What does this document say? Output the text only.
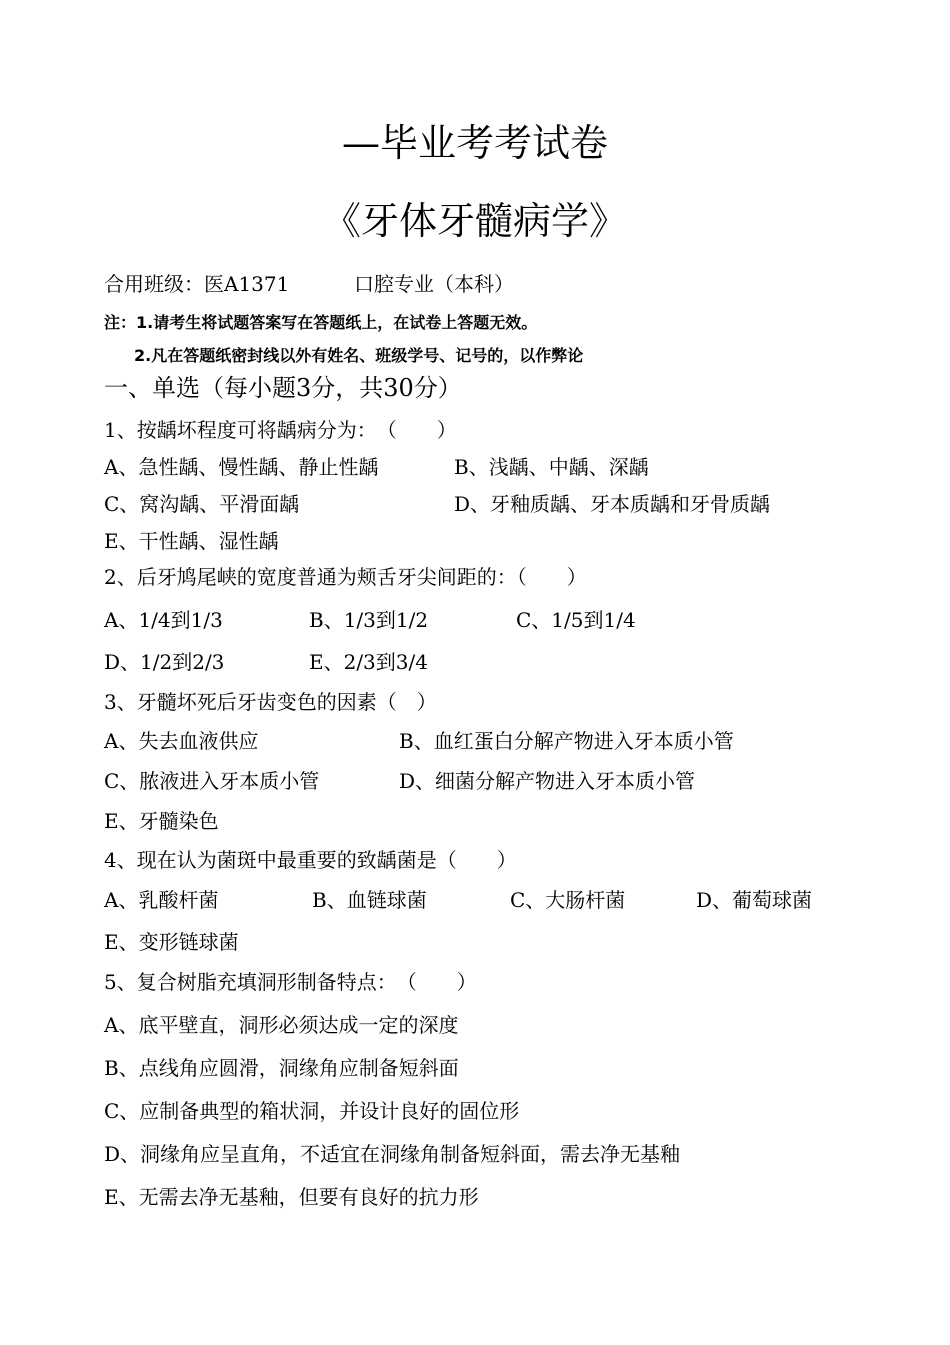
—毕业考考试卷
《牙体牙髓病学》
合用班级：医A1371	口腔专业（本科）
注：1.请考生将试题答案写在答题纸上，在试卷上答题无效。
2.凡在答题纸密封线以外有姓名、班级学号、记号的，以作弊论
一、单选（每小题3分，共30分）
1、按龋坏程度可将龋病分为：　（　　）
A、急性龋、慢性龋、静止性龋	B、浅龋、中龋、深龋
C、窝沟龋、平滑面龋	D、牙釉质龋、牙本质龋和牙骨质龋
E、干性龋、湿性龋
2、后牙鸠尾峡的宽度普通为颊舌牙尖间距的：（　　）
A、1/4到1/3	B、1/3到1/2	C、1/5到1/4
D、1/2到2/3	E、2/3到3/4
3、牙髓坏死后牙齿变色的因素（　）
A、失去血液供应	B、血红蛋白分解产物进入牙本质小管
C、脓液进入牙本质小管	D、细菌分解产物进入牙本质小管
E、牙髓染色
4、现在认为菌斑中最重要的致龋菌是（　　）
A、乳酸杆菌	B、血链球菌	C、大肠杆菌	D、葡萄球菌
E、变形链球菌
5、复合树脂充填洞形制备特点：　（　　）
A、底平壁直，洞形必须达成一定的深度
B、点线角应圆滑，洞缘角应制备短斜面
C、应制备典型的箱状洞，并设计良好的固位形
D、洞缘角应呈直角，不适宜在洞缘角制备短斜面，需去净无基釉
E、无需去净无基釉，但要有良好的抗力形
